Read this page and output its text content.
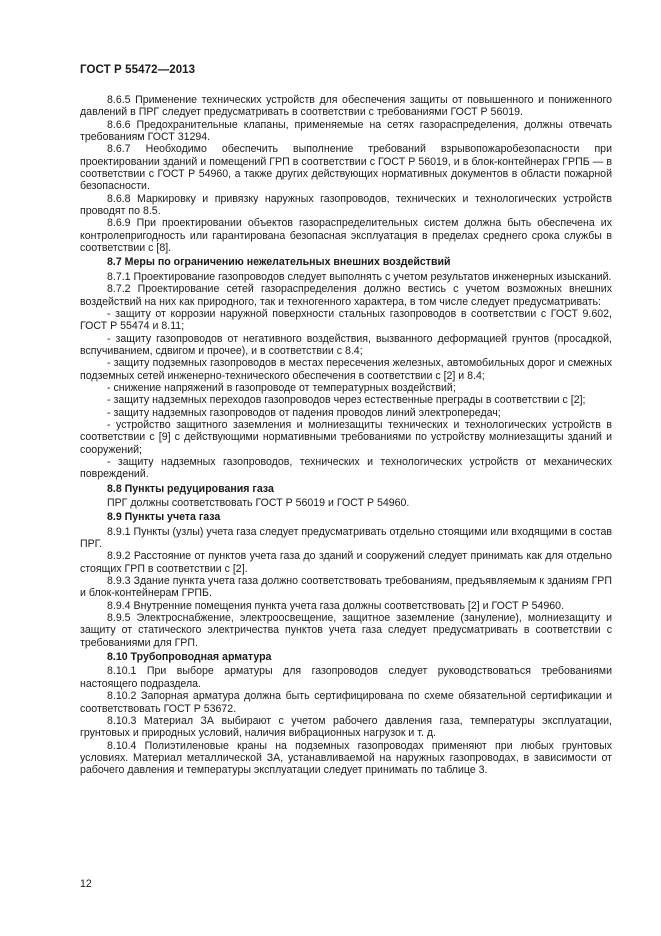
ГОСТ Р 55472—2013

8.6.5 Применение технических устройств для обеспечения защиты от повышенного и пониженного давлений в ПРГ следует предусматривать в соответствии с требованиями ГОСТ Р 56019.

8.6.6 Предохранительные клапаны, применяемые на сетях газораспределения, должны отвечать требованиям ГОСТ 31294.

8.6.7 Необходимо обеспечить выполнение требований взрывопожаробезопасности при проектировании зданий и помещений ГРП в соответствии с ГОСТ Р 56019, и в блок-контейнерах ГРПБ — в соответствии с ГОСТ Р 54960, а также других действующих нормативных документов в области пожарной безопасности.

8.6.8 Маркировку и привязку наружных газопроводов, технических и технологических устройств проводят по 8.5.

8.6.9 При проектировании объектов газораспределительных систем должна быть обеспечена их контролепригодность или гарантирована безопасная эксплуатация в пределах среднего срока службы в соответствии с [8].

8.7 Меры по ограничению нежелательных внешних воздействий

8.7.1 Проектирование газопроводов следует выполнять с учетом результатов инженерных изысканий.

8.7.2 Проектирование сетей газораспределения должно вестись с учетом возможных внешних воздействий на них как природного, так и техногенного характера, в том числе следует предусматривать:

- защиту от коррозии наружной поверхности стальных газопроводов в соответствии с ГОСТ 9.602, ГОСТ Р 55474 и 8.11;

- защиту газопроводов от негативного воздействия, вызванного деформацией грунтов (просадкой, вспучиванием, сдвигом и прочее), и в соответствии с 8.4;

- защиту подземных газопроводов в местах пересечения железных, автомобильных дорог и смежных подземных сетей инженерно-технического обеспечения в соответствии с [2] и 8.4;

- снижение напряжений в газопроводе от температурных воздействий;

- защиту надземных переходов газопроводов через естественные преграды в соответствии с [2];

- защиту надземных газопроводов от падения проводов линий электропередач;

- устройство защитного заземления и молниезащиты технических и технологических устройств в соответствии с [9] с действующими нормативными требованиями по устройству молниезащиты зданий и сооружений;

- защиту надземных газопроводов, технических и технологических устройств от механических повреждений.

8.8 Пункты редуцирования газа

ПРГ должны соответствовать ГОСТ Р 56019 и ГОСТ Р 54960.

8.9 Пункты учета газа

8.9.1 Пункты (узлы) учета газа следует предусматривать отдельно стоящими или входящими в состав ПРГ.

8.9.2 Расстояние от пунктов учета газа до зданий и сооружений следует принимать как для отдельно стоящих ГРП в соответствии с [2].

8.9.3 Здание пункта учета газа должно соответствовать требованиям, предъявляемым к зданиям ГРП и блок-контейнерам ГРПБ.

8.9.4 Внутренние помещения пункта учета газа должны соответствовать [2] и ГОСТ Р 54960.

8.9.5 Электроснабжение, электроосвещение, защитное заземление (зануление), молниезащиту и защиту от статического электричества пунктов учета газа следует предусматривать в соответствии с требованиями для ГРП.

8.10 Трубопроводная арматура

8.10.1 При выборе арматуры для газопроводов следует руководствоваться требованиями настоящего подраздела.

8.10.2 Запорная арматура должна быть сертифицирована по схеме обязательной сертификации и соответствовать ГОСТ Р 53672.

8.10.3 Материал ЗА выбирают с учетом рабочего давления газа, температуры эксплуатации, грунтовых и природных условий, наличия вибрационных нагрузок и т. д.

8.10.4 Полиэтиленовые краны на подземных газопроводах применяют при любых грунтовых условиях. Материал металлической ЗА, устанавливаемой на наружных газопроводах, в зависимости от рабочего давления и температуры эксплуатации следует принимать по таблице 3.

12
